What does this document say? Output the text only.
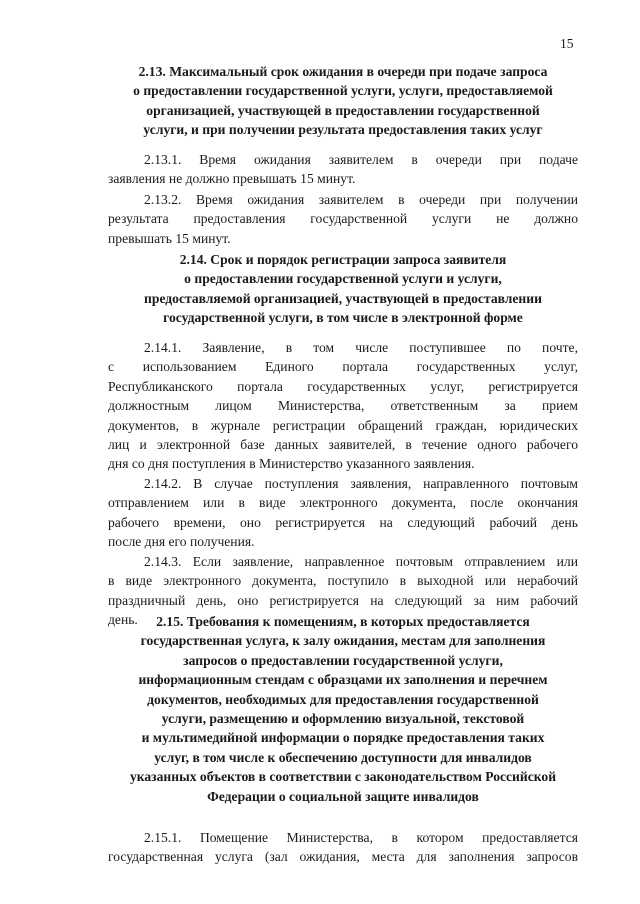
15
2.13. Максимальный срок ожидания в очереди при подаче запроса
о предоставлении государственной услуги, услуги, предоставляемой
организацией, участвующей в предоставлении государственной
услуги, и при получении результата предоставления таких услуг
2.13.1. Время ожидания заявителем в очереди при подаче
заявления не должно превышать 15 минут.
2.13.2. Время ожидания заявителем в очереди при получении
результата предоставления государственной услуги не должно
превышать 15 минут.
2.14. Срок и порядок регистрации запроса заявителя
о предоставлении государственной услуги и услуги,
предоставляемой организацией, участвующей в предоставлении
государственной услуги, в том числе в электронной форме
2.14.1. Заявление, в том числе поступившее по почте,
с использованием Единого портала государственных услуг,
Республиканского портала государственных услуг, регистрируется
должностным лицом Министерства, ответственным за прием
документов, в журнале регистрации обращений граждан, юридических
лиц и электронной базе данных заявителей, в течение одного рабочего
дня со дня поступления в Министерство указанного заявления.
2.14.2. В случае поступления заявления, направленного почтовым
отправлением или в виде электронного документа, после окончания
рабочего времени, оно регистрируется на следующий рабочий день
после дня его получения.
2.14.3. Если заявление, направленное почтовым отправлением или
в виде электронного документа, поступило в выходной или нерабочий
праздничный день, оно регистрируется на следующий за ним рабочий
день.	2.15. Требования к помещениям, в которых предоставляется
государственная услуга, к залу ожидания, местам для заполнения
запросов о предоставлении государственной услуги,
информационным стендам с образцами их заполнения и перечнем
документов, необходимых для предоставления государственной
услуги, размещению и оформлению визуальной, текстовой
и мультимедийной информации о порядке предоставления таких
услуг, в том числе к обеспечению доступности для инвалидов
указанных объектов в соответствии с законодательством Российской
Федерации о социальной защите инвалидов
2.15.1. Помещение Министерства, в котором предоставляется
государственная услуга (зал ожидания, места для заполнения запросов
